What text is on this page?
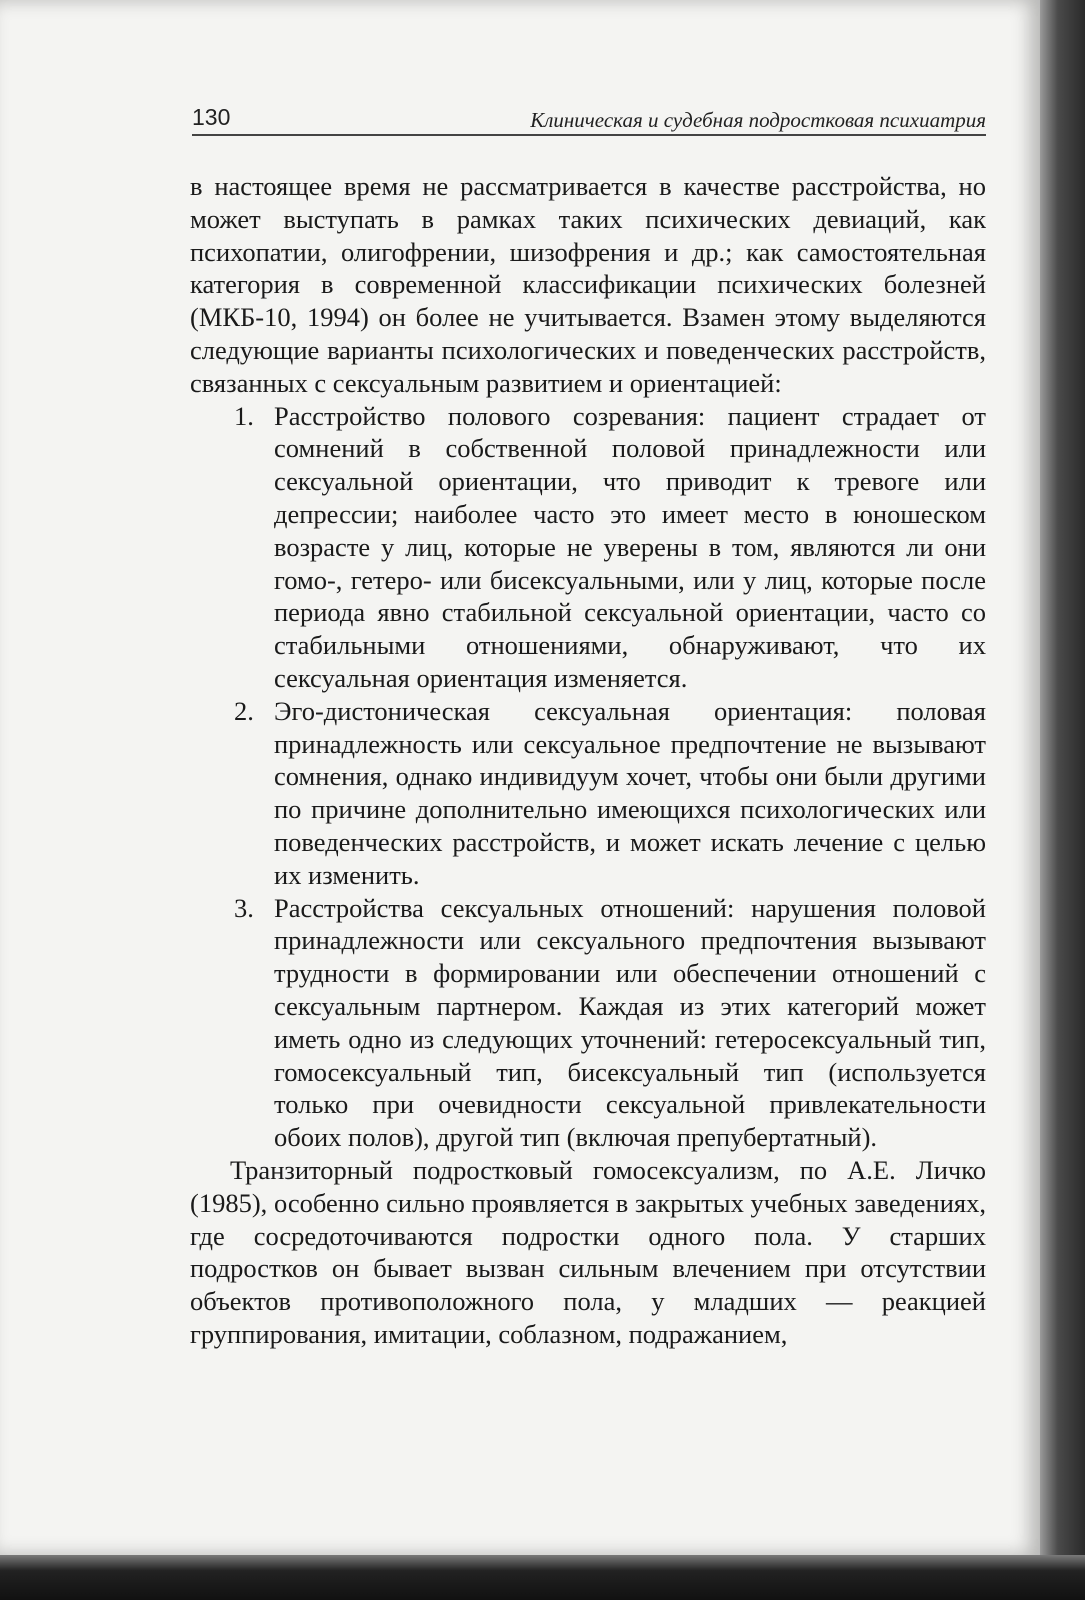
130	Клиническая и судебная подростковая психиатрия

в настоящее время не рассматривается в качестве расстройства, но может выступать в рамках таких психических девиаций, как психопатии, олигофрении, шизофрения и др.; как самостоятельная категория в современной классификации психических болезней (МКБ-10, 1994) он более не учитывается. Взамен этому выделяются следующие варианты психологических и поведенческих расстройств, связанных с сексуальным развитием и ориентацией:

1. Расстройство полового созревания: пациент страдает от сомнений в собственной половой принадлежности или сексуальной ориентации, что приводит к тревоге или депрессии; наиболее часто это имеет место в юношеском возрасте у лиц, которые не уверены в том, являются ли они гомо-, гетеро- или бисексуальными, или у лиц, которые после периода явно стабильной сексуальной ориентации, часто со стабильными отношениями, обнаруживают, что их сексуальная ориентация изменяется.
2. Эго-дистоническая сексуальная ориентация: половая принадлежность или сексуальное предпочтение не вызывают сомнения, однако индивидуум хочет, чтобы они были другими по причине дополнительно имеющихся психологических или поведенческих расстройств, и может искать лечение с целью их изменить.
3. Расстройства сексуальных отношений: нарушения половой принадлежности или сексуального предпочтения вызывают трудности в формировании или обеспечении отношений с сексуальным партнером. Каждая из этих категорий может иметь одно из следующих уточнений: гетеросексуальный тип, гомосексуальный тип, бисексуальный тип (используется только при очевидности сексуальной привлекательности обоих полов), другой тип (включая препубертатный).

Транзиторный подростковый гомосексуализм, по А.Е. Личко (1985), особенно сильно проявляется в закрытых учебных заведениях, где сосредоточиваются подростки одного пола. У старших подростков он бывает вызван сильным влечением при отсутствии объектов противоположного пола, у младших — реакцией группирования, имитации, соблазном, подражанием,
